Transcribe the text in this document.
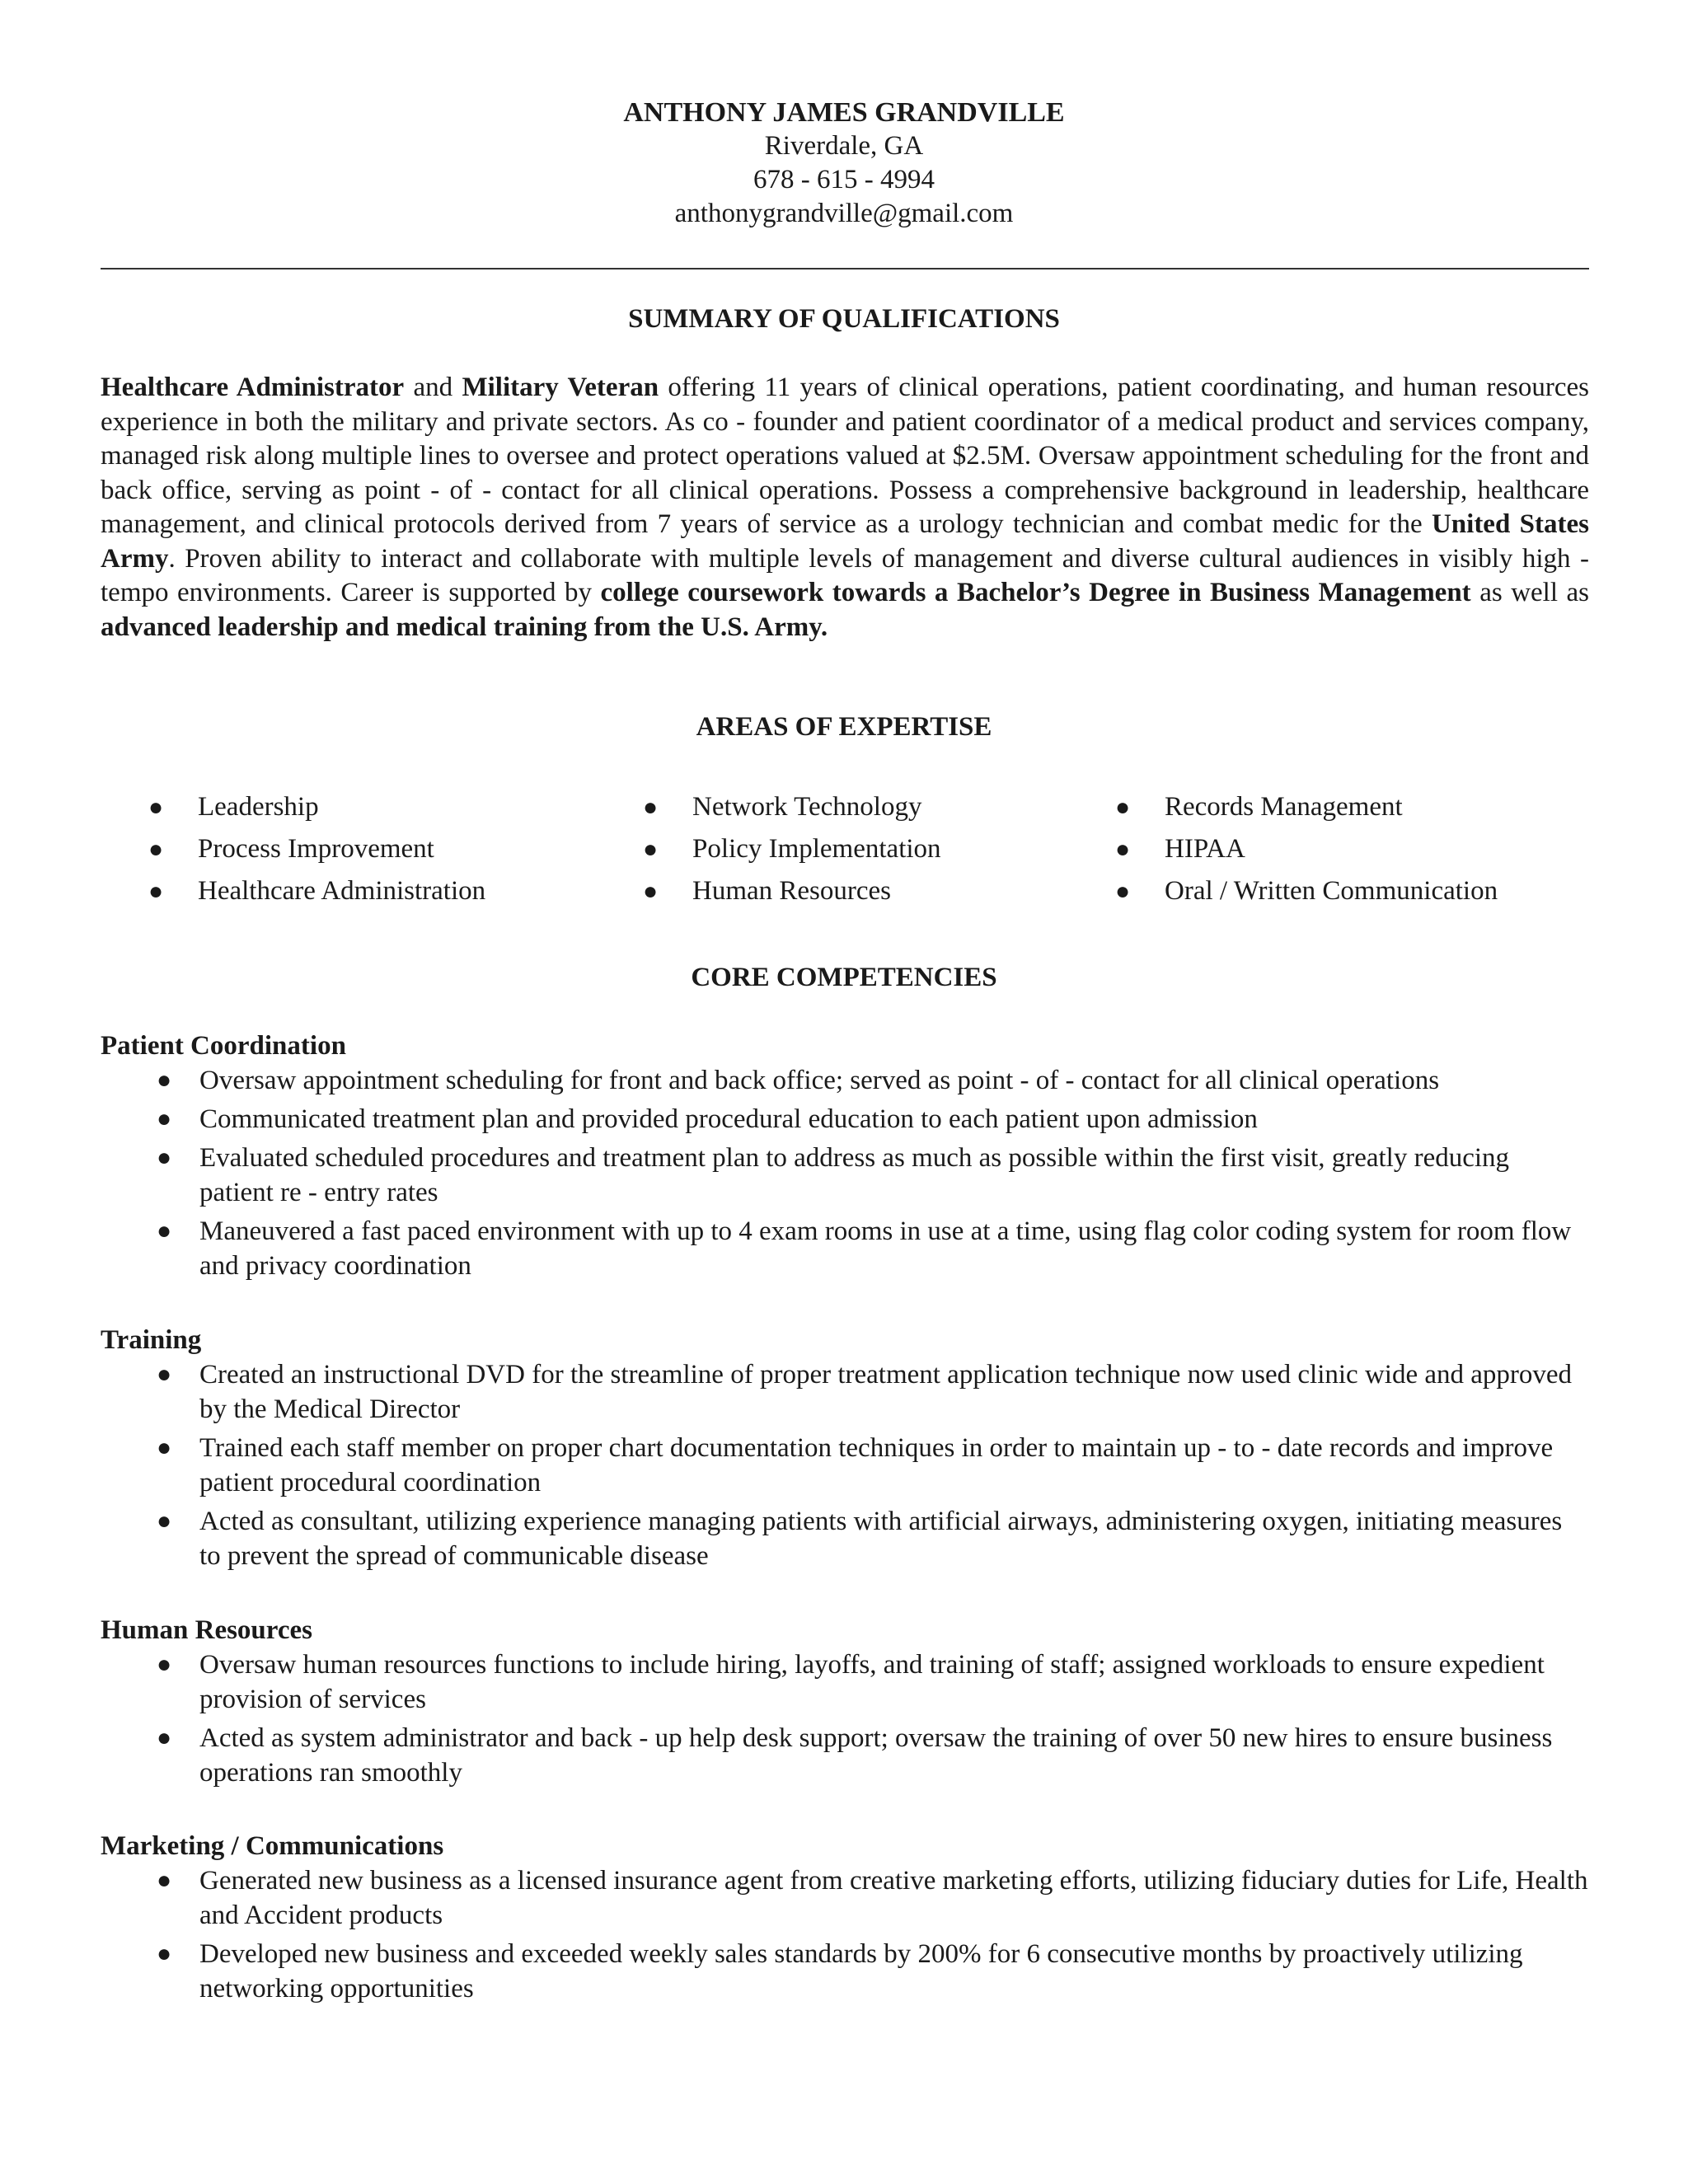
ANTHONY JAMES GRANDVILLE
Riverdale, GA
678 - 615 - 4994
anthonygrandville@gmail.com
SUMMARY OF QUALIFICATIONS

Healthcare Administrator and Military Veteran offering 11 years of clinical operations, patient coordinating, and human resources experience in both the military and private sectors. As co - founder and patient coordinator of a medical product and services company, managed risk along multiple lines to oversee and protect operations valued at $2.5M. Oversaw appointment scheduling for the front and back office, serving as point - of - contact for all clinical operations. Possess a comprehensive background in leadership, healthcare management, and clinical protocols derived from 7 years of service as a urology technician and combat medic for the United States Army. Proven ability to interact and collaborate with multiple levels of management and diverse cultural audiences in visibly high - tempo environments. Career is supported by college coursework towards a Bachelor’s Degree in Business Management as well as advanced leadership and medical training from the U.S. Army.

AREAS OF EXPERTISE
● Leadership
● Process Improvement
● Healthcare Administration
● Network Technology
● Policy Implementation
● Human Resources
● Records Management
● HIPAA
● Oral / Written Communication
CORE COMPETENCIES
Patient Coordination
● Oversaw appointment scheduling for front and back office; served as point - of - contact for all clinical operations
● Communicated treatment plan and provided procedural education to each patient upon admission
● Evaluated scheduled procedures and treatment plan to address as much as possible within the first visit, greatly reducing patient re - entry rates
● Maneuvered a fast paced environment with up to 4 exam rooms in use at a time, using flag color coding system for room flow and privacy coordination
Training
● Created an instructional DVD for the streamline of proper treatment application technique now used clinic wide and approved by the Medical Director
● Trained each staff member on proper chart documentation techniques in order to maintain up - to - date records and improve patient procedural coordination
● Acted as consultant, utilizing experience managing patients with artificial airways, administering oxygen, initiating measures to prevent the spread of communicable disease
Human Resources
● Oversaw human resources functions to include hiring, layoffs, and training of staff; assigned workloads to ensure expedient provision of services
● Acted as system administrator and back - up help desk support; oversaw the training of over 50 new hires to ensure business operations ran smoothly
Marketing / Communications
● Generated new business as a licensed insurance agent from creative marketing efforts, utilizing fiduciary duties for Life, Health and Accident products
● Developed new business and exceeded weekly sales standards by 200% for 6 consecutive months by proactively utilizing networking opportunities
